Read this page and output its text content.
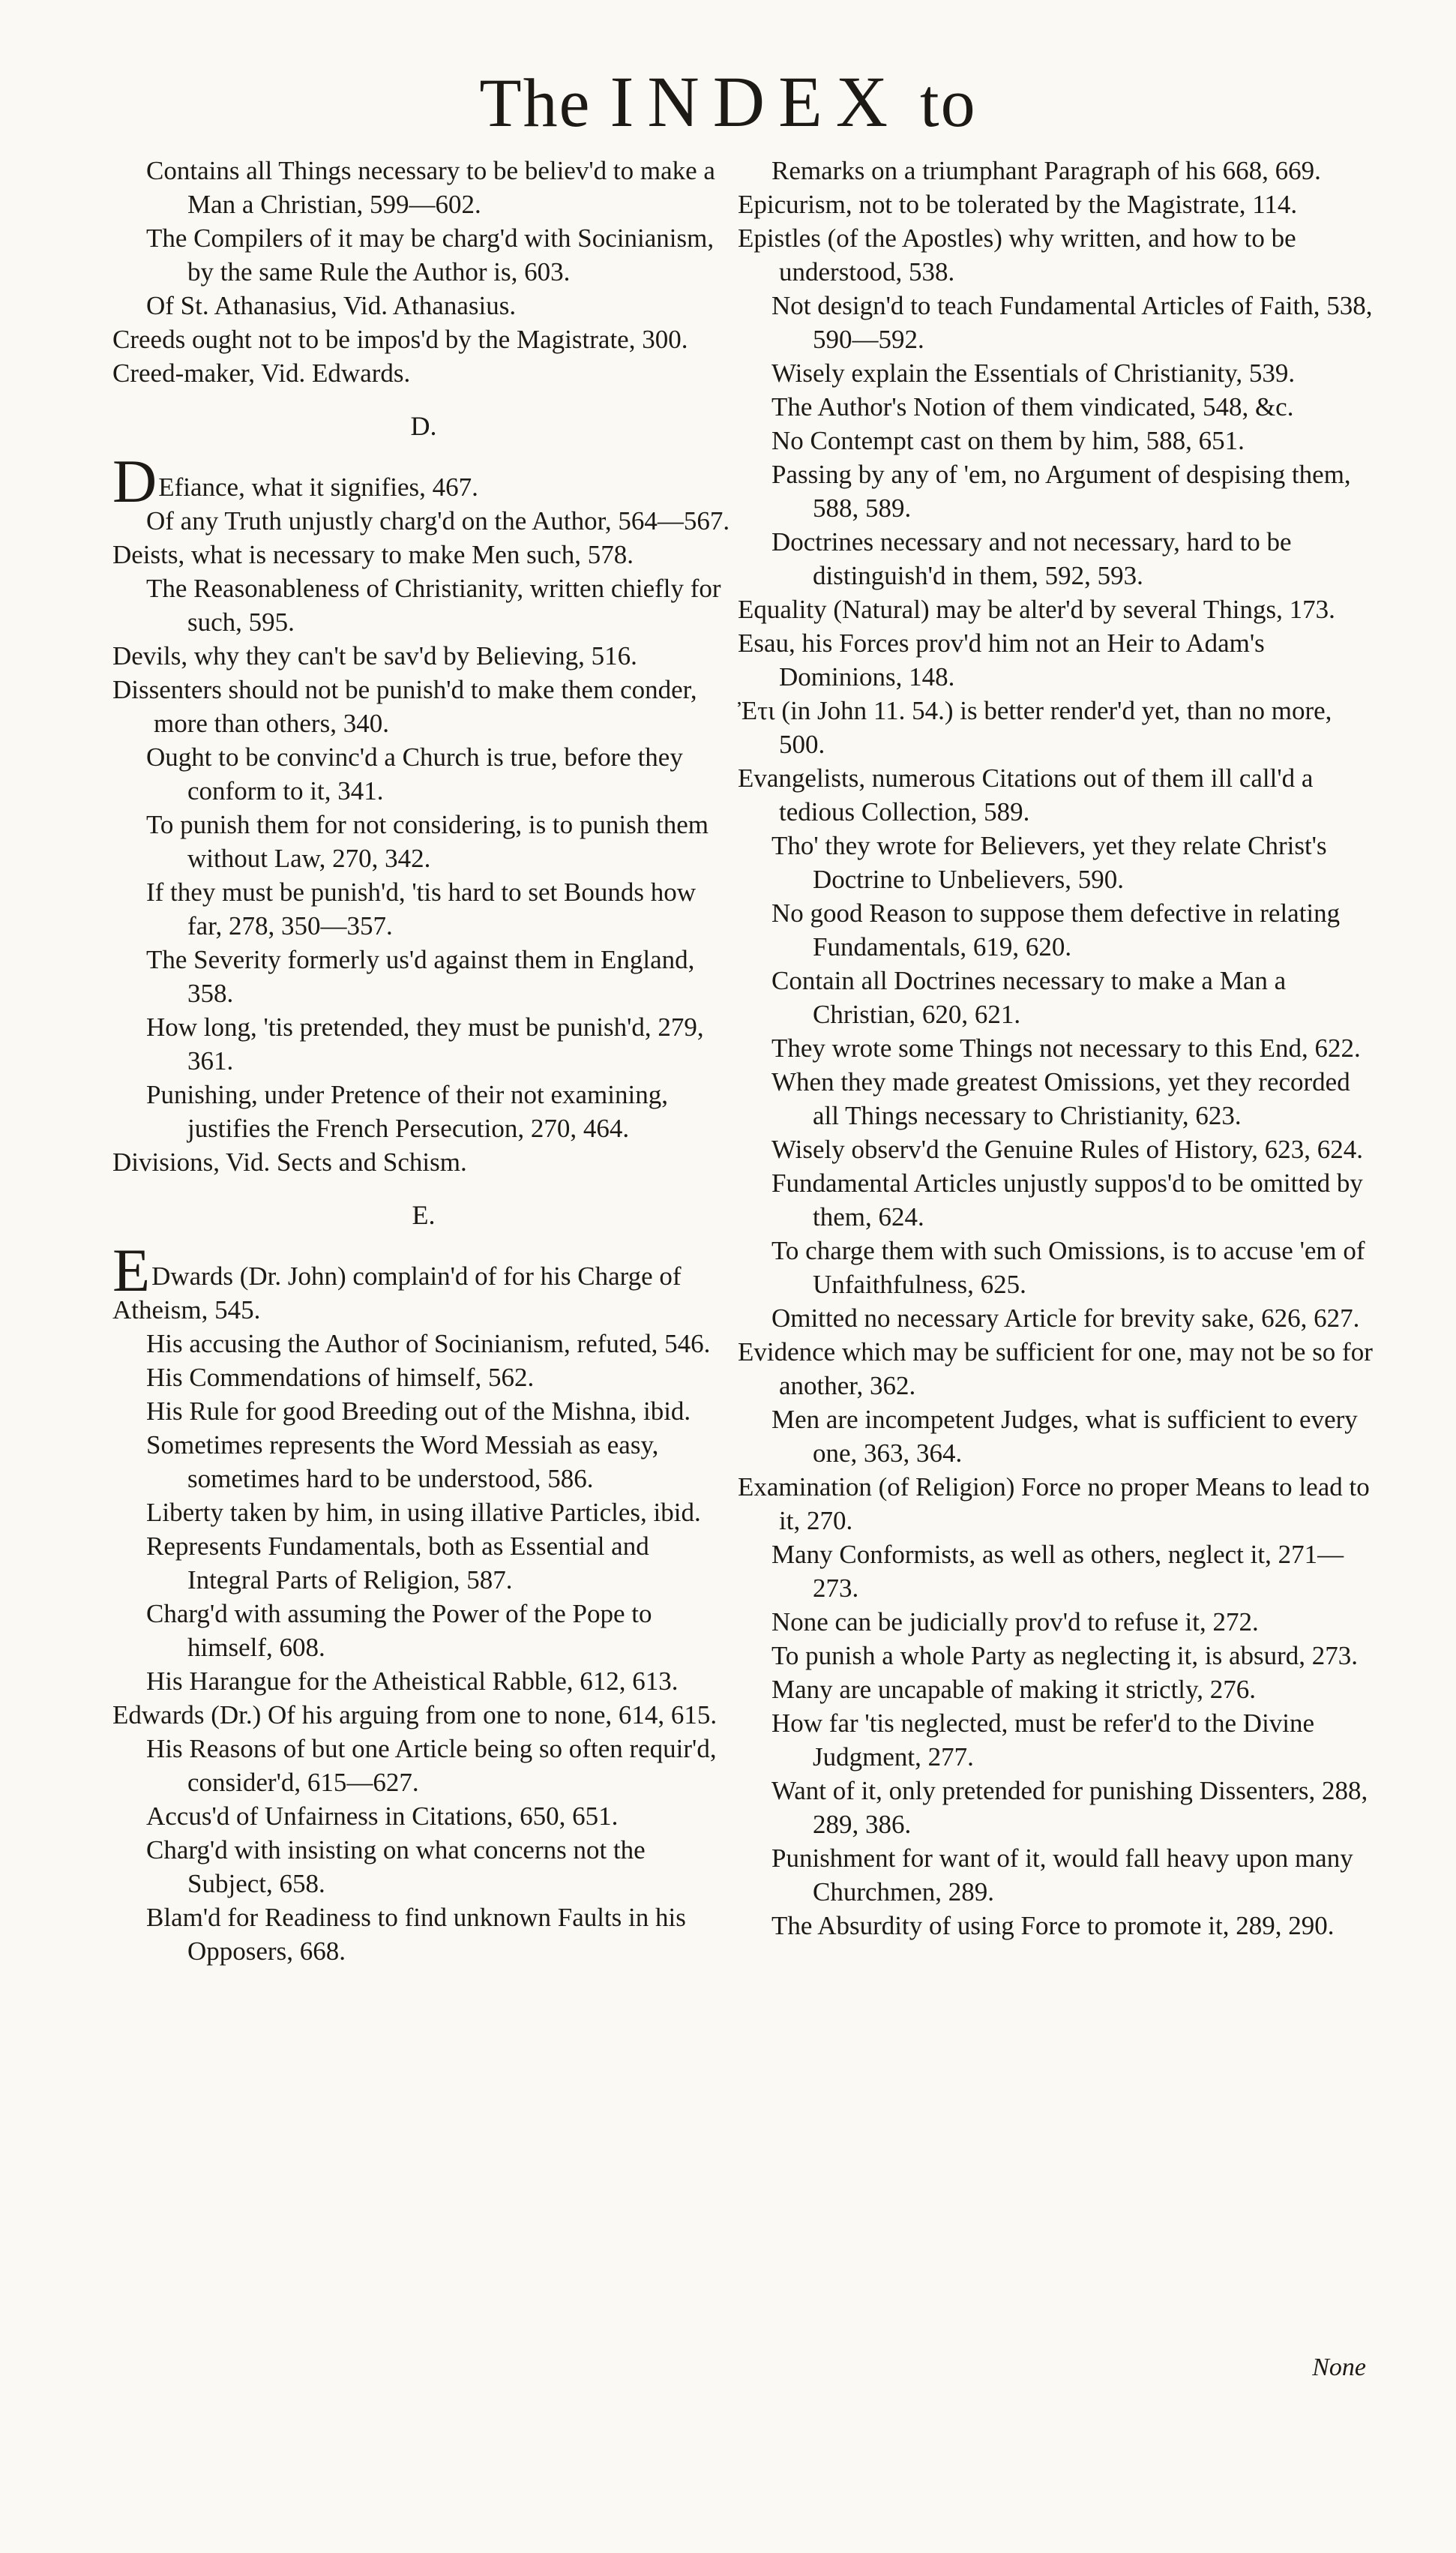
The INDEX to

Contains all Things necessary to be believ'd to make a Man a Christian, 599—602.

The Compilers of it may be charg'd with Socinianism, by the same Rule the Author is, 603.

Of St. Athanasius, Vid. Athanasius.

Creeds ought not to be impos'd by the Magistrate, 300.

Creed-maker, Vid. Edwards.

D.

DEfiance, what it signifies, 467.

Of any Truth unjustly charg'd on the Author, 564—567.

Deists, what is necessary to make Men such, 578.

The Reasonableness of Christianity, written chiefly for such, 595.

Devils, why they can't be sav'd by Believing, 516.

Dissenters should not be punish'd to make them conder, more than others, 340.

Ought to be convinc'd a Church is true, before they conform to it, 341.

To punish them for not considering, is to punish them without Law, 270, 342.

If they must be punish'd, 'tis hard to set Bounds how far, 278, 350—357.

The Severity formerly us'd against them in England, 358.

How long, 'tis pretended, they must be punish'd, 279, 361.

Punishing, under Pretence of their not examining, justifies the French Persecution, 270, 464.

Divisions, Vid. Sects and Schism.

E.

EDwards (Dr. John) complain'd of for his Charge of Atheism, 545.

His accusing the Author of Socinianism, refuted, 546.

His Commendations of himself, 562.

His Rule for good Breeding out of the Mishna, ibid.

Sometimes represents the Word Messiah as easy, sometimes hard to be understood, 586.

Liberty taken by him, in using illative Particles, ibid.

Represents Fundamentals, both as Essential and Integral Parts of Religion, 587.

Charg'd with assuming the Power of the Pope to himself, 608.

His Harangue for the Atheistical Rabble, 612, 613.

Edwards (Dr.) Of his arguing from one to none, 614, 615.

His Reasons of but one Article being so often requir'd, consider'd, 615—627.

Accus'd of Unfairness in Citations, 650, 651.

Charg'd with insisting on what concerns not the Subject, 658.

Blam'd for Readiness to find unknown Faults in his Opposers, 668.

Remarks on a triumphant Paragraph of his 668, 669.

Epicurism, not to be tolerated by the Magistrate, 114.

Epistles (of the Apostles) why written, and how to be understood, 538.

Not design'd to teach Fundamental Articles of Faith, 538, 590—592.

Wisely explain the Essentials of Christianity, 539.

The Author's Notion of them vindicated, 548, &c.

No Contempt cast on them by him, 588, 651.

Passing by any of 'em, no Argument of despising them, 588, 589.

Doctrines necessary and not necessary, hard to be distinguish'd in them, 592, 593.

Equality (Natural) may be alter'd by several Things, 173.

Esau, his Forces prov'd him not an Heir to Adam's Dominions, 148.

Ἐτι (in John 11. 54.) is better render'd yet, than no more, 500.

Evangelists, numerous Citations out of them ill call'd a tedious Collection, 589.

Tho' they wrote for Believers, yet they relate Christ's Doctrine to Unbelievers, 590.

No good Reason to suppose them defective in relating Fundamentals, 619, 620.

Contain all Doctrines necessary to make a Man a Christian, 620, 621.

They wrote some Things not necessary to this End, 622.

When they made greatest Omissions, yet they recorded all Things necessary to Christianity, 623.

Wisely observ'd the Genuine Rules of History, 623, 624.

Fundamental Articles unjustly suppos'd to be omitted by them, 624.

To charge them with such Omissions, is to accuse 'em of Unfaithfulness, 625.

Omitted no necessary Article for brevity sake, 626, 627.

Evidence which may be sufficient for one, may not be so for another, 362.

Men are incompetent Judges, what is sufficient to every one, 363, 364.

Examination (of Religion) Force no proper Means to lead to it, 270.

Many Conformists, as well as others, neglect it, 271—273.

None can be judicially prov'd to refuse it, 272.

To punish a whole Party as neglecting it, is absurd, 273.

Many are uncapable of making it strictly, 276.

How far 'tis neglected, must be refer'd to the Divine Judgment, 277.

Want of it, only pretended for punishing Dissenters, 288, 289, 386.

Punishment for want of it, would fall heavy upon many Churchmen, 289.

The Absurdity of using Force to promote it, 289, 290.

None
